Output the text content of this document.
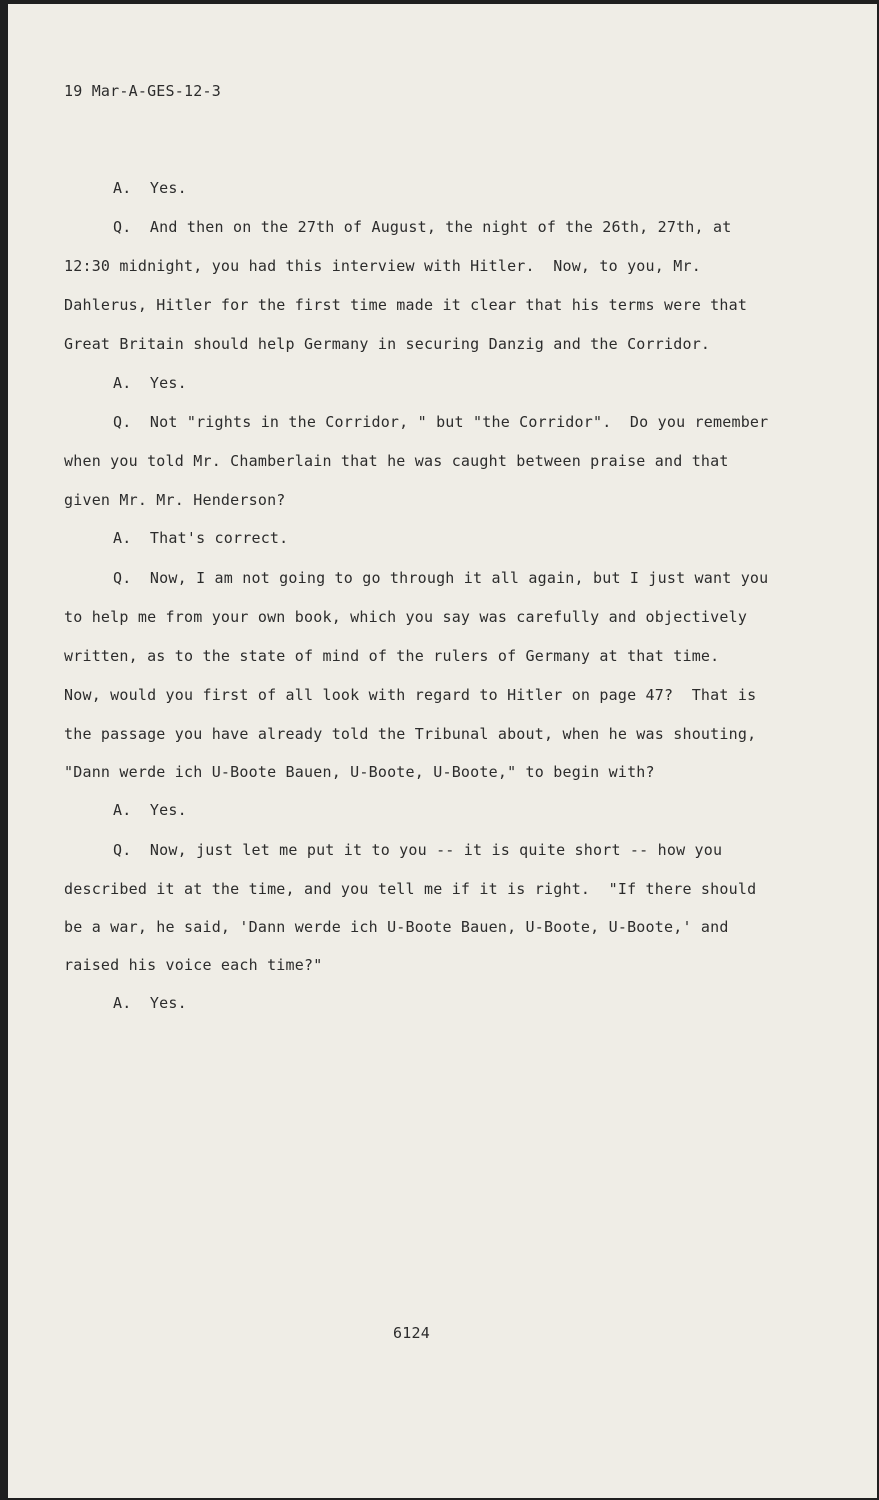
19 Mar-A-GES-12-3
A.  Yes.
Q.  And then on the 27th of August, the night of the 26th, 27th, at
12:30 midnight, you had this interview with Hitler.  Now, to you, Mr.
Dahlerus, Hitler for the first time made it clear that his terms were that
Great Britain should help Germany in securing Danzig and the Corridor.
A.  Yes.
Q.  Not "rights in the Corridor, " but "the Corridor".  Do you remember
when you told Mr. Chamberlain that he was caught between praise and that
given Mr. Mr. Henderson?
A.  That's correct.
Q.  Now, I am not going to go through it all again, but I just want you
to help me from your own book, which you say was carefully and objectively
written, as to the state of mind of the rulers of Germany at that time.
Now, would you first of all look with regard to Hitler on page 47?  That is
the passage you have already told the Tribunal about, when he was shouting,
"Dann werde ich U-Boote Bauen, U-Boote, U-Boote," to begin with?
A.  Yes.
Q.  Now, just let me put it to you -- it is quite short -- how you
described it at the time, and you tell me if it is right.  "If there should
be a war, he said, 'Dann werde ich U-Boote Bauen, U-Boote, U-Boote,' and
raised his voice each time?"
A.  Yes.
6124
